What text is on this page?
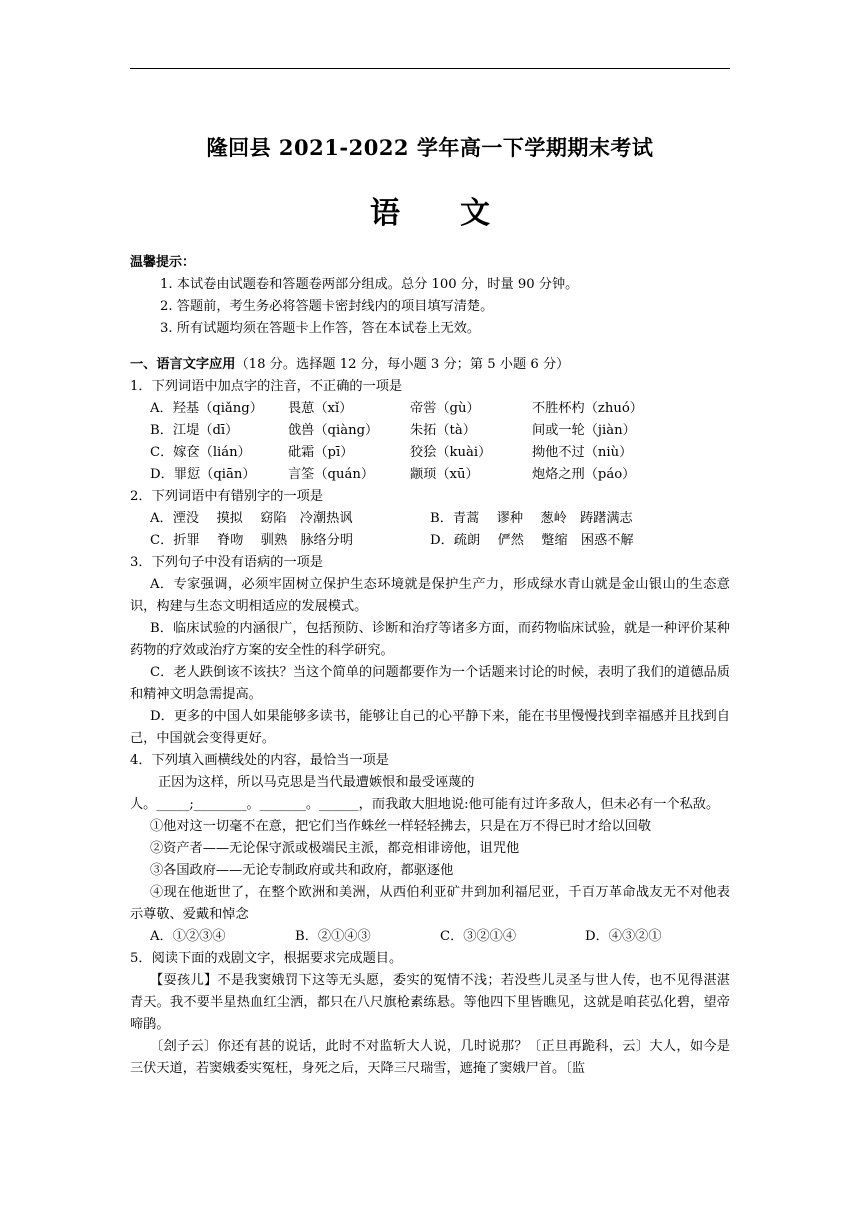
隆回县 2021-2022 学年高一下学期期末考试
语 文

温馨提示：

1. 本试卷由试题卷和答题卷两部分组成。总分 100 分，时量 90 分钟。

2. 答题前，考生务必将答题卡密封线内的项目填写清楚。

3. 所有试题均须在答题卡上作答，答在本试卷上无效。

一、语言文字应用（18 分。选择题 12 分，每小题 3 分；第 5 小题 6 分）

1．下列词语中加点字的注音，不正确的一项是

A．羟基（qiǎng）	畏葸（xǐ）	帝喾（gù）	不胜杯杓（zhuó）
B．江堤（dī）	戗兽（qiàng）	朱拓（tà）	间或一轮（jiàn）
C．嫁奁（lián）	砒霜（pī）	狡狯（kuài）	拗他不过（niù）
D．罪愆（qiān）	言筌（quán）	颛顼（xū）	炮烙之刑（páo）

2．下列词语中有错别字的一项是

A．湮没　 摸拟　 窈陷　冷潮热讽	B．青蒿　 谬种　 葱岭　踌躇满志
C．折罪　 脊吻　 驯熟　脉络分明	D．疏朗　 俨然　 蹩缩　困惑不解

3．下列句子中没有语病的一项是

A．专家强调，必须牢固树立保护生态环境就是保护生产力，形成绿水青山就是金山银山的生态意识，构建与生态文明相适应的发展模式。

B．临床试验的内涵很广，包括预防、诊断和治疗等诸多方面，而药物临床试验，就是一种评价某种药物的疗效或治疗方案的安全性的科学研究。

C．老人跌倒该不该扶？当这个简单的问题都要作为一个话题来讨论的时候，表明了我们的道德品质和精神文明急需提高。

D．更多的中国人如果能够多读书，能够让自己的心平静下来，能在书里慢慢找到幸福感并且找到自己，中国就会变得更好。

4．下列填入画横线处的内容，最恰当一项是

正因为这样，所以马克思是当代最遭嫉恨和最受诬蔑的

人。_____;________。_______。______，而我敢大胆地说:他可能有过许多敌人，但未必有一个私敌。

①他对这一切毫不在意，把它们当作蛛丝一样轻轻拂去，只是在万不得已时才给以回敬

②资产者——无论保守派或极端民主派，都竞相诽谤他，诅咒他

③各国政府——无论专制政府或共和政府，都驱逐他

④现在他逝世了，在整个欧洲和美洲，从西伯利亚矿井到加利福尼亚，千百万革命战友无不对他表示尊敬、爱戴和悼念

A．①②③④	B．②①④③	C．③②①④	D．④③②①

5．阅读下面的戏剧文字，根据要求完成题目。

【耍孩儿】不是我窦娥罚下这等无头愿，委实的冤情不浅；若没些儿灵圣与世人传，也不见得湛湛青天。我不要半星热血红尘洒，都只在八尺旗枪素练悬。等他四下里皆瞧见，这就是咱苌弘化碧，望帝啼鹃。

〔刽子云〕你还有甚的说话，此时不对监斩大人说，几时说那？〔正旦再跪科，云〕大人，如今是三伏天道，若窦娥委实冤枉，身死之后，天降三尺瑞雪，遮掩了窦娥尸首。〔监
